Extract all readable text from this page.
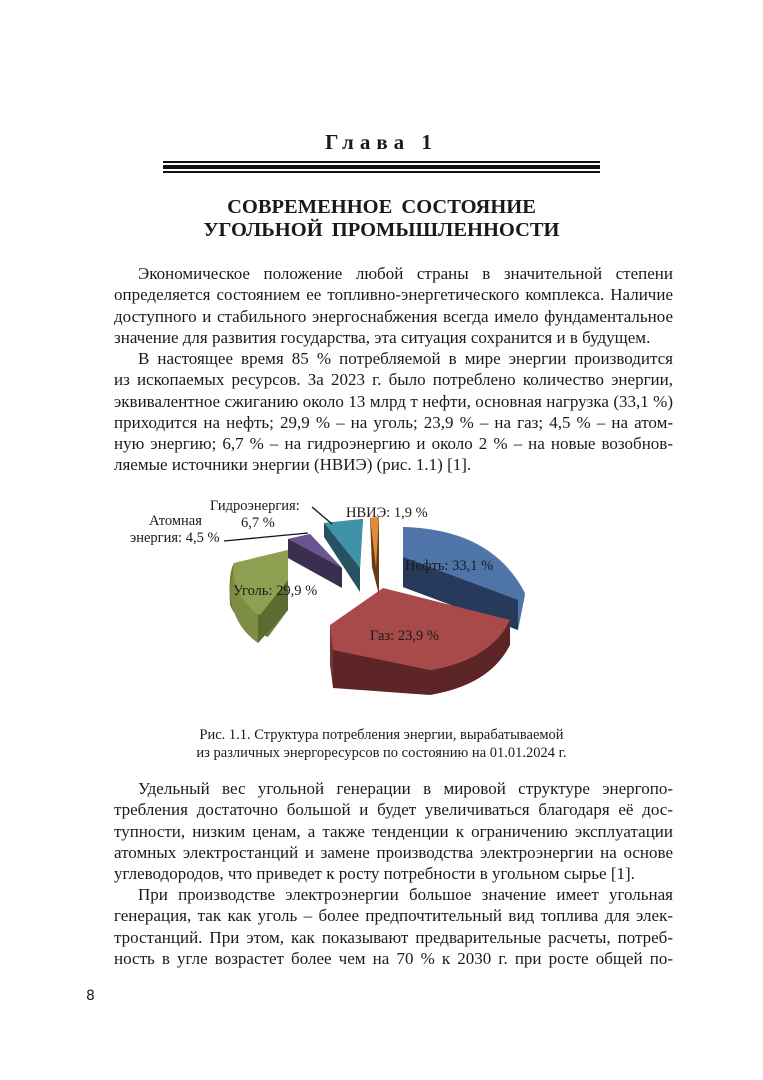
Глава 1
СОВРЕМЕННОЕ СОСТОЯНИЕ
УГОЛЬНОЙ ПРОМЫШЛЕННОСТИ
Экономическое положение любой страны в значительной степени
определяется состоянием ее топливно-энергетического комплекса. Наличие
доступного и стабильного энергоснабжения всегда имело фундаментальное
значение для развития государства, эта ситуация сохранится и в будущем.
В настоящее время 85 % потребляемой в мире энергии производится
из ископаемых ресурсов. За 2023 г. было потреблено количество энергии,
эквивалентное сжиганию около 13 млрд т нефти, основная нагрузка (33,1 %)
приходится на нефть; 29,9 % – на уголь; 23,9 % – на газ; 4,5 % – на атом-
ную энергию; 6,7 % – на гидроэнергию и около 2 % – на новые возобнов-
ляемые источники энергии (НВИЭ) (рис. 1.1) [1].
Атомная
энергия: 4,5 %
Гидроэнергия:
6,7 %
НВИЭ: 1,9 %
Нефть: 33,1 %
Уголь: 29,9 %
Газ: 23,9 %
Рис. 1.1. Структура потребления энергии, вырабатываемой
из различных энергоресурсов по состоянию на 01.01.2024 г.
Удельный вес угольной генерации в мировой структуре энергопо-
требления достаточно большой и будет увеличиваться благодаря её дос-
тупности, низким ценам, а также тенденции к ограничению эксплуатации
атомных электростанций и замене производства электроэнергии на основе
углеводородов, что приведет к росту потребности в угольном сырье [1].
При производстве электроэнергии большое значение имеет угольная
генерация, так как уголь – более предпочтительный вид топлива для элек-
тростанций. При этом, как показывают предварительные расчеты, потреб-
ность в угле возрастет более чем на 70 % к 2030 г. при росте общей по-
8
